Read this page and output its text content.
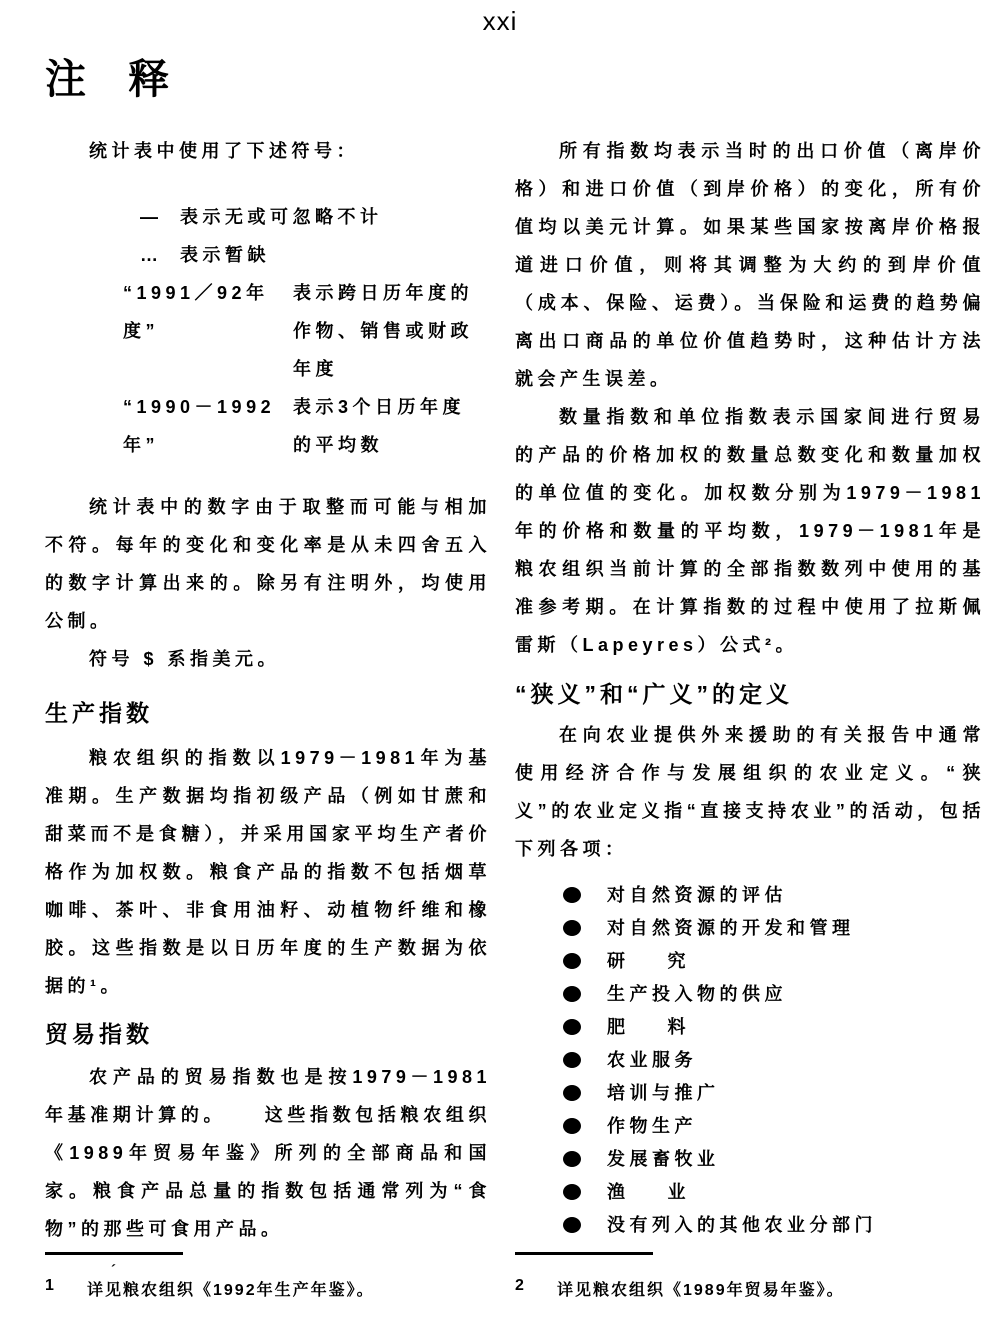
xxi
注   释

统计表中使用了下述符号：

— 表示无或可忽略不计
… 表示暂缺
“1991／92年度”
表示跨日历年度的作物、销售或财政年度
“1990－1992年”
表示3个日历年度的平均数

统计表中的数字由于取整而可能与相加不符。每年的变化和变化率是从未四舍五入的数字计算出来的。除另有注明外，均使用公制。

符号 $ 系指美元。

生产指数

粮农组织的指数以1979－1981年为基准期。生产数据均指初级产品（例如甘蔗和甜菜而不是食糖），并采用国家平均生产者价格作为加权数。粮食产品的指数不包括烟草咖啡、茶叶、非食用油籽、动植物纤维和橡胶。这些指数是以日历年度的生产数据为依据的¹。

贸易指数

农产品的贸易指数也是按1979－1981年基准期计算的。    这些指数包括粮农组织《1989年贸易年鉴》所列的全部商品和国家。粮食产品总量的指数包括通常列为“食物”的那些可食用产品。

所有指数均表示当时的出口价值（离岸价格）和进口价值（到岸价格）的变化，所有价值均以美元计算。如果某些国家按离岸价格报道进口价值，则将其调整为大约的到岸价值（成本、保险、运费）。当保险和运费的趋势偏离出口商品的单位价值趋势时，这种估计方法就会产生误差。

数量指数和单位指数表示国家间进行贸易的产品的价格加权的数量总数变化和数量加权的单位值的变化。加权数分别为1979－1981年的价格和数量的平均数，1979－1981年是粮农组织当前计算的全部指数数列中使用的基准参考期。在计算指数的过程中使用了拉斯佩雷斯（Lapeyres）公式²。

“狭义”和“广义”的定义

在向农业提供外来援助的有关报告中通常使用经济合作与发展组织的农业定义。“狭义”的农业定义指“直接支持农业”的活动，包括下列各项：

对自然资源的评估
对自然资源的开发和管理
研    究
生产投入物的供应
肥    料
农业服务
培训与推广
作物生产
发展畜牧业
渔    业
没有列入的其他农业分部门
´
1	详见粮农组织《1992年生产年鉴》。	2	详见粮农组织《1989年贸易年鉴》。
